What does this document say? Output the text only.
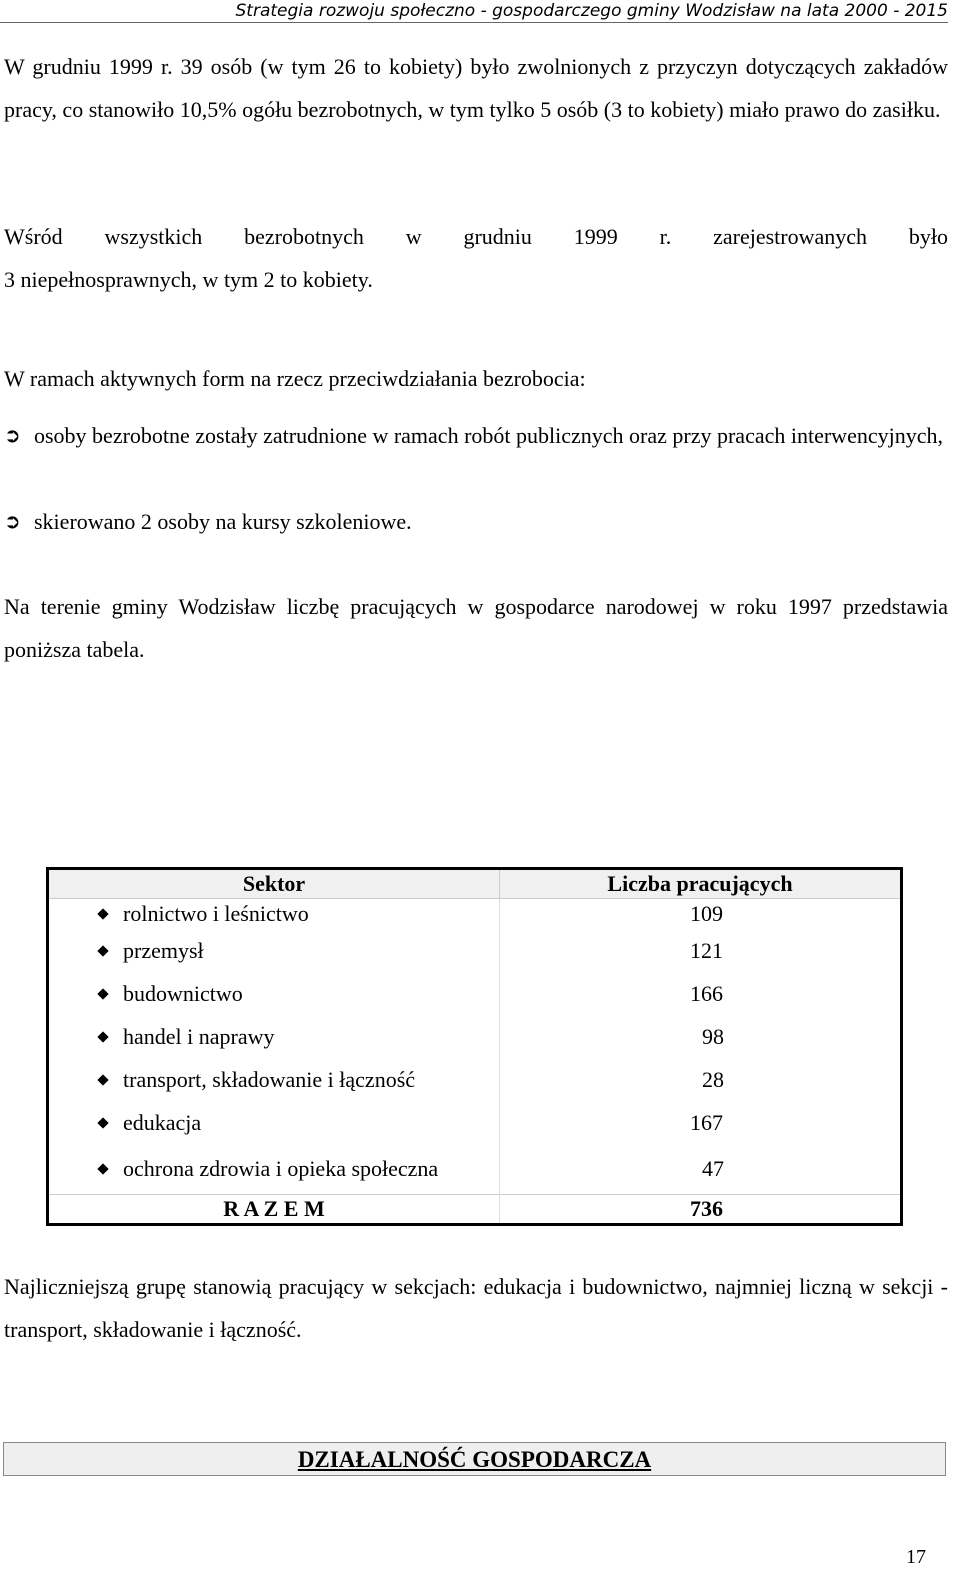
Strategia rozwoju społeczno - gospodarczego gminy Wodzisław na lata 2000 - 2015

W grudniu 1999 r. 39 osób (w tym 26 to kobiety) było zwolnionych z przyczyn dotyczących zakładów pracy, co stanowiło 10,5% ogółu bezrobotnych, w tym tylko 5 osób (3 to kobiety) miało prawo do zasiłku.

Wśród wszystkich bezrobotnych w grudniu 1999 r. zarejestrowanych było

3 niepełnosprawnych, w tym 2 to kobiety.

W ramach aktywnych form na rzecz przeciwdziałania bezrobocia:

➲ osoby bezrobotne zostały zatrudnione w ramach robót publicznych oraz przy pracach interwencyjnych,
➲ skierowano 2 osoby na kursy szkoleniowe.

Na terenie gminy Wodzisław liczbę pracujących w gospodarce narodowej w roku 1997 przedstawia poniższa tabela.

Sektor	Liczba pracujących
rolnictwo i leśnictwo	109
przemysł	121
budownictwo	166
handel i naprawy	98
transport, składowanie i łączność	28
edukacja	167
ochrona zdrowia i opieka społeczna	47
R A Z E M	736

Najliczniejszą grupę stanowią pracujący w sekcjach: edukacja i budownictwo, najmniej liczną w sekcji - transport, składowanie i łączność.

DZIAŁALNOŚĆ GOSPODARCZA
17
